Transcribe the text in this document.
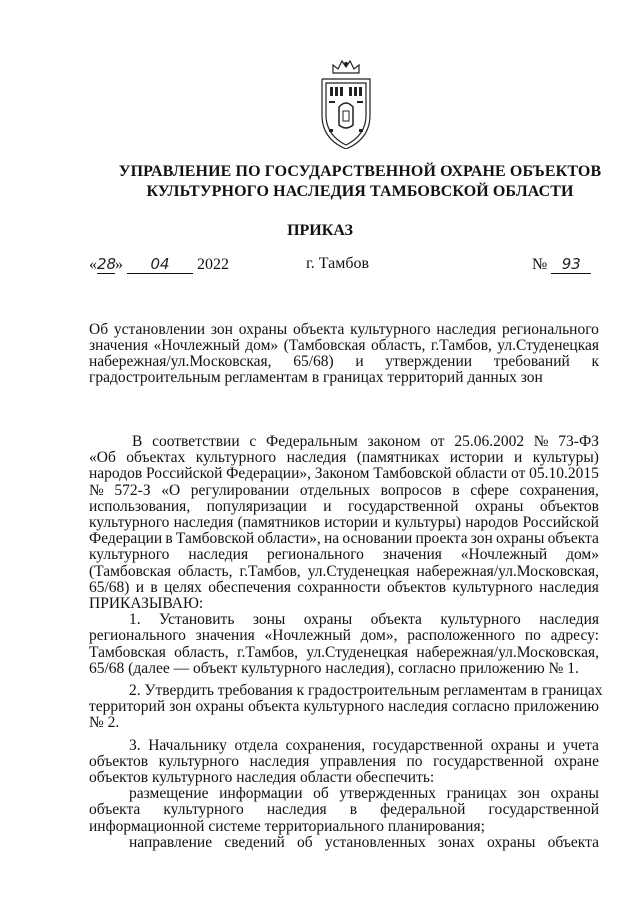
УПРАВЛЕНИЕ ПО ГОСУДАРСТВЕННОЙ ОХРАНЕ ОБЪЕКТОВ
КУЛЬТУРНОГО НАСЛЕДИЯ ТАМБОВСКОЙ ОБЛАСТИ
ПРИКАЗ
«28» 04 2022	г. Тамбов	№ 93
Об установлении зон охраны объекта культурного наследия регионального
значения «Ночлежный дом» (Тамбовская область, г.Тамбов, ул.Студенецкая
набережная/ул.Московская, 65/68) и утверждении требований к
градостроительным регламентам в границах территорий данных зон
В соответствии с Федеральным законом от 25.06.2002 № 73-ФЗ
«Об объектах культурного наследия (памятниках истории и культуры)
народов Российской Федерации», Законом Тамбовской области от 05.10.2015
№ 572-З «О регулировании отдельных вопросов в сфере сохранения,
использования, популяризации и государственной охраны объектов
культурного наследия (памятников истории и культуры) народов Российской
Федерации в Тамбовской области», на основании проекта зон охраны объекта
культурного наследия регионального значения «Ночлежный дом»
(Тамбовская область, г.Тамбов, ул.Студенецкая набережная/ул.Московская,
65/68) и в целях обеспечения сохранности объектов культурного наследия
ПРИКАЗЫВАЮ:
1. Установить зоны охраны объекта культурного наследия
регионального значения «Ночлежный дом», расположенного по адресу:
Тамбовская область, г.Тамбов, ул.Студенецкая набережная/ул.Московская,
65/68 (далее — объект культурного наследия), согласно приложению № 1.
2. Утвердить требования к градостроительным регламентам в границах
территорий зон охраны объекта культурного наследия согласно приложению
№ 2.
3. Начальнику отдела сохранения, государственной охраны и учета
объектов культурного наследия управления по государственной охране
объектов культурного наследия области обеспечить:
размещение информации об утвержденных границах зон охраны
объекта культурного наследия в федеральной государственной
информационной системе территориального планирования;
направление сведений об установленных зонах охраны объекта
